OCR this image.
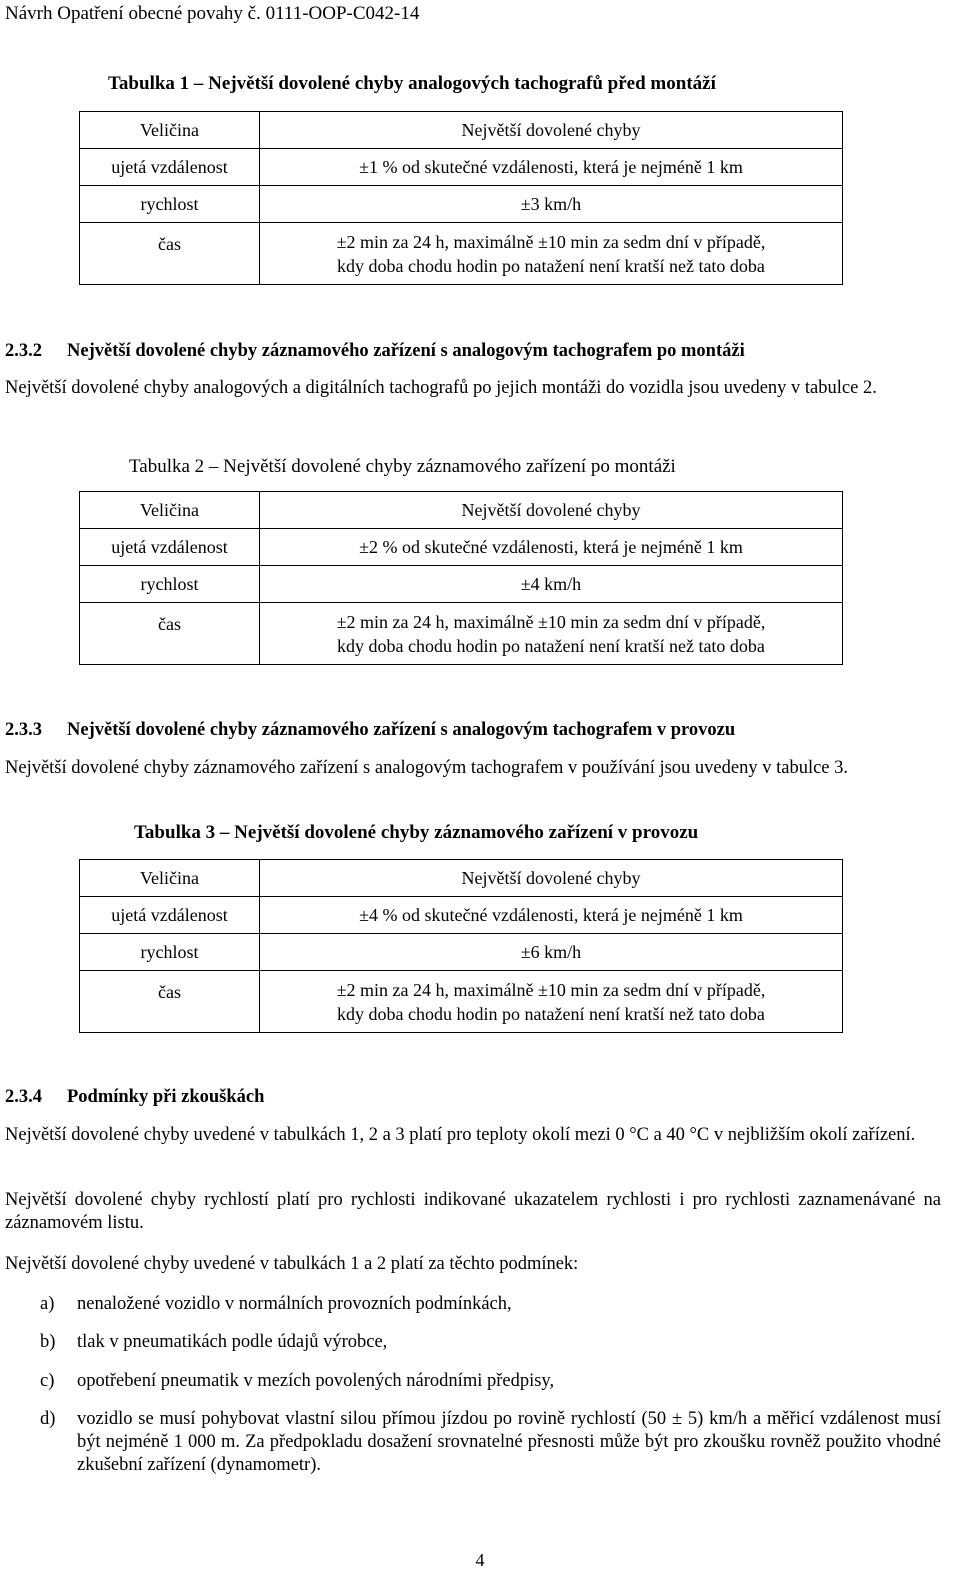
Návrh Opatření obecné povahy č. 0111-OOP-C042-14
Tabulka 1 – Největší dovolené chyby analogových tachografů před montáží
Veličina	Největší dovolené chyby
ujetá vzdálenost	±1 % od skutečné vzdálenosti, která je nejméně 1 km
rychlost	±3 km/h
čas	±2 min za 24 h, maximálně ±10 min za sedm dní v případě,
kdy doba chodu hodin po natažení není kratší než tato doba
2.3.2 Největší dovolené chyby záznamového zařízení s analogovým tachografem po montáži
Největší dovolené chyby analogových a digitálních tachografů po jejich montáži do vozidla jsou uvedeny v tabulce 2.
Tabulka 2 – Největší dovolené chyby záznamového zařízení po montáži
Veličina	Největší dovolené chyby
ujetá vzdálenost	±2 % od skutečné vzdálenosti, která je nejméně 1 km
rychlost	±4 km/h
čas	±2 min za 24 h, maximálně ±10 min za sedm dní v případě,
kdy doba chodu hodin po natažení není kratší než tato doba
2.3.3 Největší dovolené chyby záznamového zařízení s analogovým tachografem v provozu
Největší dovolené chyby záznamového zařízení s analogovým tachografem v používání jsou uvedeny v tabulce 3.
Tabulka 3 – Největší dovolené chyby záznamového zařízení v provozu
Veličina	Největší dovolené chyby
ujetá vzdálenost	±4 % od skutečné vzdálenosti, která je nejméně 1 km
rychlost	±6 km/h
čas	±2 min za 24 h, maximálně ±10 min za sedm dní v případě,
kdy doba chodu hodin po natažení není kratší než tato doba
2.3.4 Podmínky při zkouškách
Největší dovolené chyby uvedené v tabulkách 1, 2 a 3 platí pro teploty okolí mezi 0 °C a 40 °C v nejbližším okolí zařízení.
Největší dovolené chyby rychlostí platí pro rychlosti indikované ukazatelem rychlosti i pro rychlosti zaznamenávané na záznamovém listu.
Největší dovolené chyby uvedené v tabulkách 1 a 2 platí za těchto podmínek:
a) nenaložené vozidlo v normálních provozních podmínkách,
b) tlak v pneumatikách podle údajů výrobce,
c) opotřebení pneumatik v mezích povolených národními předpisy,
d) vozidlo se musí pohybovat vlastní silou přímou jízdou po rovině rychlostí (50 ± 5) km/h a měřicí vzdálenost musí být nejméně 1 000 m. Za předpokladu dosažení srovnatelné přesnosti může být pro zkoušku rovněž použito vhodné zkušební zařízení (dynamometr).
4
